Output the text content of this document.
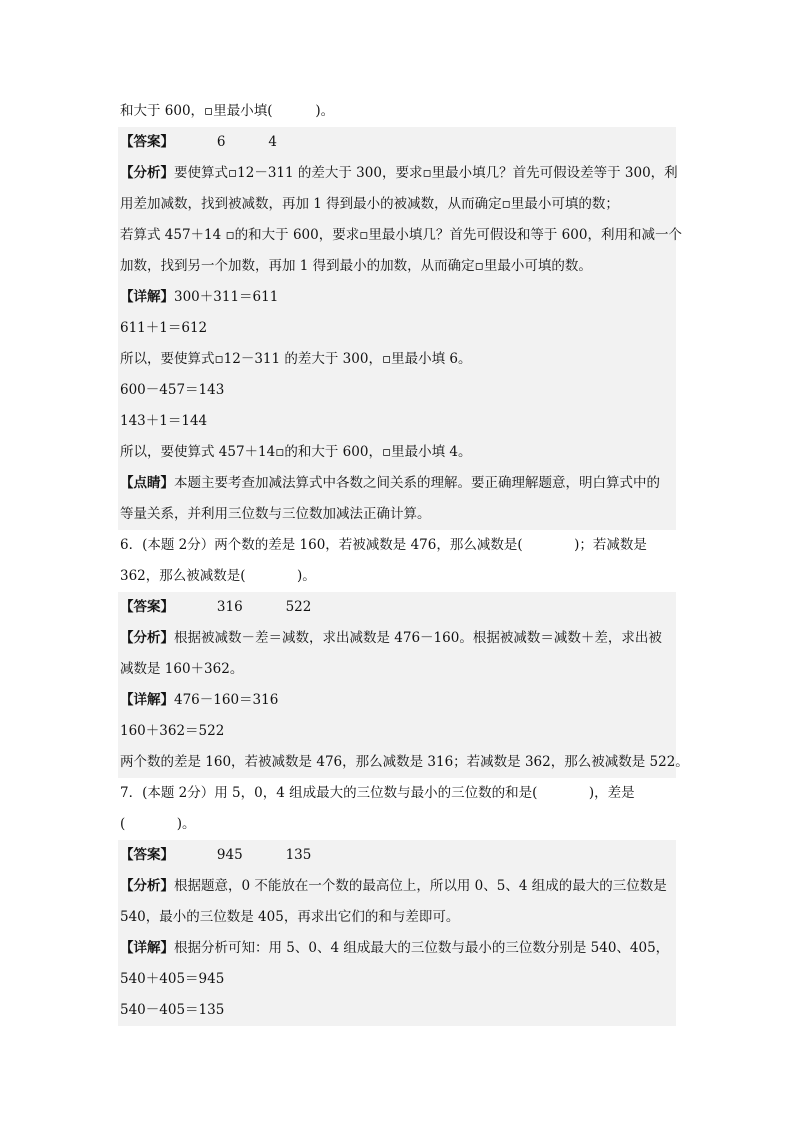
和大于 600，▫里最小填(          )。
【答案】          6          4
【分析】要使算式▫12－311 的差大于 300，要求▫里最小填几？首先可假设差等于 300，利
用差加减数，找到被减数，再加 1 得到最小的被减数，从而确定▫里最小可填的数；
若算式 457＋14 ▫的和大于 600，要求▫里最小填几？首先可假设和等于 600，利用和减一个
加数，找到另一个加数，再加 1 得到最小的加数，从而确定▫里最小可填的数。
【详解】300＋311＝611
611＋1＝612
所以，要使算式▫12－311 的差大于 300，▫里最小填 6。
600－457＝143
143＋1＝144
所以，要使算式 457＋14▫的和大于 600，▫里最小填 4。
【点睛】本题主要考查加减法算式中各数之间关系的理解。要正确理解题意，明白算式中的
等量关系，并利用三位数与三位数加减法正确计算。
6．(本题 2分）两个数的差是 160，若被减数是 476，那么减数是(            )；若减数是
362，那么被减数是(            )。
【答案】          316          522
【分析】根据被减数－差＝减数，求出减数是 476－160。根据被减数＝减数＋差，求出被
减数是 160＋362。
【详解】476－160＝316
160＋362＝522
两个数的差是 160，若被减数是 476，那么减数是 316；若减数是 362，那么被减数是 522。
7．(本题 2分）用 5，0，4 组成最大的三位数与最小的三位数的和是(            )，差是
(            )。
【答案】          945          135
【分析】根据题意，0 不能放在一个数的最高位上，所以用 0、5、4 组成的最大的三位数是
540，最小的三位数是 405，再求出它们的和与差即可。
【详解】根据分析可知：用 5、0、4 组成最大的三位数与最小的三位数分别是 540、405，
540＋405＝945
540－405＝135
